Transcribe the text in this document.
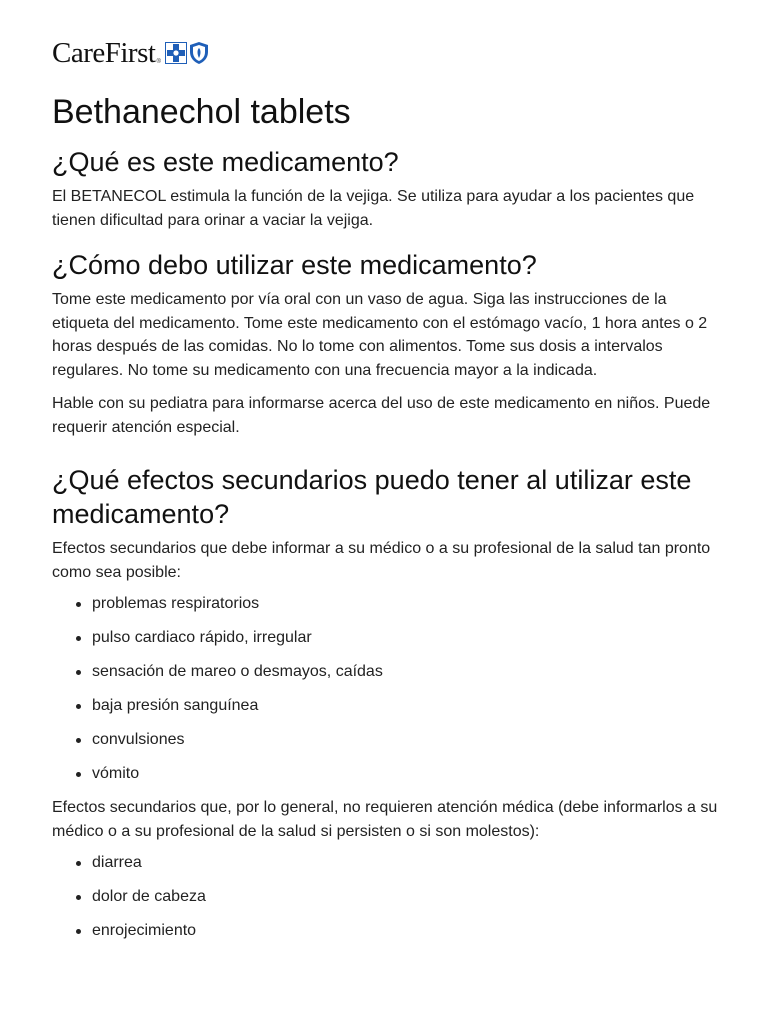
CareFirst ®
Bethanechol tablets
¿Qué es este medicamento?

El BETANECOL estimula la función de la vejiga. Se utiliza para ayudar a los pacientes que tienen dificultad para orinar a vaciar la vejiga.

¿Cómo debo utilizar este medicamento?

Tome este medicamento por vía oral con un vaso de agua. Siga las instrucciones de la etiqueta del medicamento. Tome este medicamento con el estómago vacío, 1 hora antes o 2 horas después de las comidas. No lo tome con alimentos. Tome sus dosis a intervalos regulares. No tome su medicamento con una frecuencia mayor a la indicada.

Hable con su pediatra para informarse acerca del uso de este medicamento en niños. Puede requerir atención especial.

¿Qué efectos secundarios puedo tener al utilizar este medicamento?

Efectos secundarios que debe informar a su médico o a su profesional de la salud tan pronto como sea posible:

problemas respiratorios
pulso cardiaco rápido, irregular
sensación de mareo o desmayos, caídas
baja presión sanguínea
convulsiones
vómito

Efectos secundarios que, por lo general, no requieren atención médica (debe informarlos a su médico o a su profesional de la salud si persisten o si son molestos):

diarrea
dolor de cabeza
enrojecimiento
